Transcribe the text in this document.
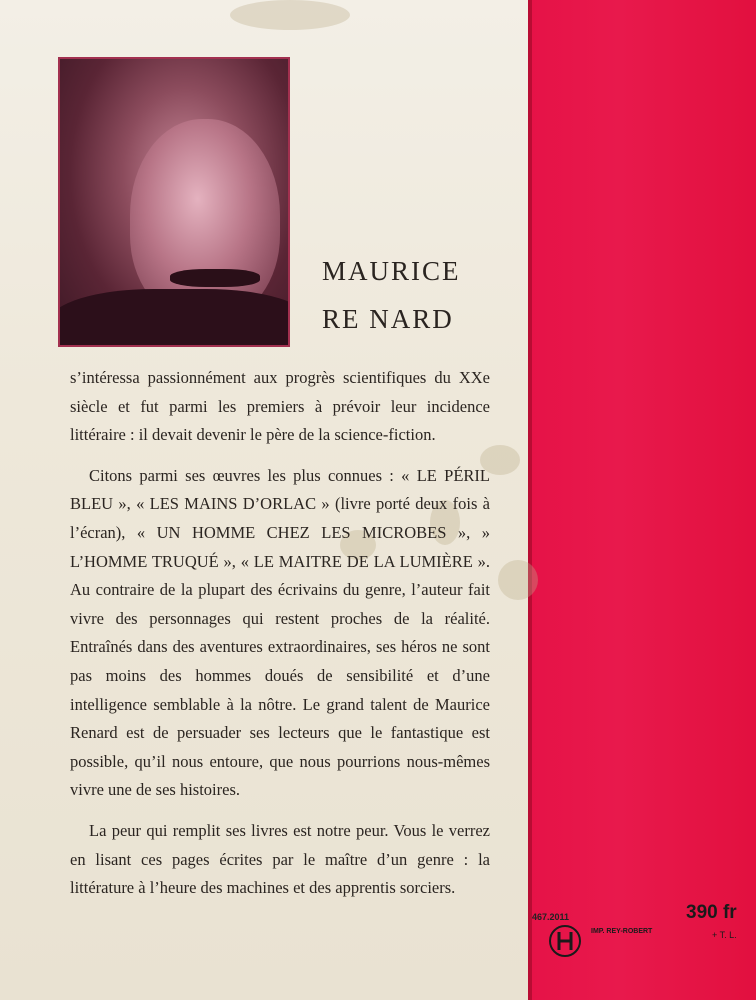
MAURICE
RE NARD

s’intéressa passionnément aux progrès scientifiques du XXe siècle et fut parmi les premiers à prévoir leur incidence littéraire : il devait devenir le père de la science-fiction.

Citons parmi ses œuvres les plus connues : « LE PÉRIL BLEU », « LES MAINS D’ORLAC » (livre porté deux fois à l’écran), « UN HOMME CHEZ LES MICROBES », » L’HOMME TRUQUÉ », « LE MAITRE DE LA LUMIÈRE ». Au contraire de la plupart des écrivains du genre, l’auteur fait vivre des personnages qui restent proches de la réalité. Entraînés dans des aventures extraordinaires, ses héros ne sont pas moins des hommes doués de sensibilité et d’une intelligence semblable à la nôtre. Le grand talent de Maurice Renard est de persuader ses lecteurs que le fantastique est possible, qu’il nous entoure, que nous pourrions nous-mêmes vivre une de ses histoires.

La peur qui remplit ses livres est notre peur. Vous le verrez en lisant ces pages écrites par le maître d’un genre : la littérature à l’heure des machines et des apprentis sorciers.

467.2011
IMP. REY-ROBERT
390 fr
+ T. L.
